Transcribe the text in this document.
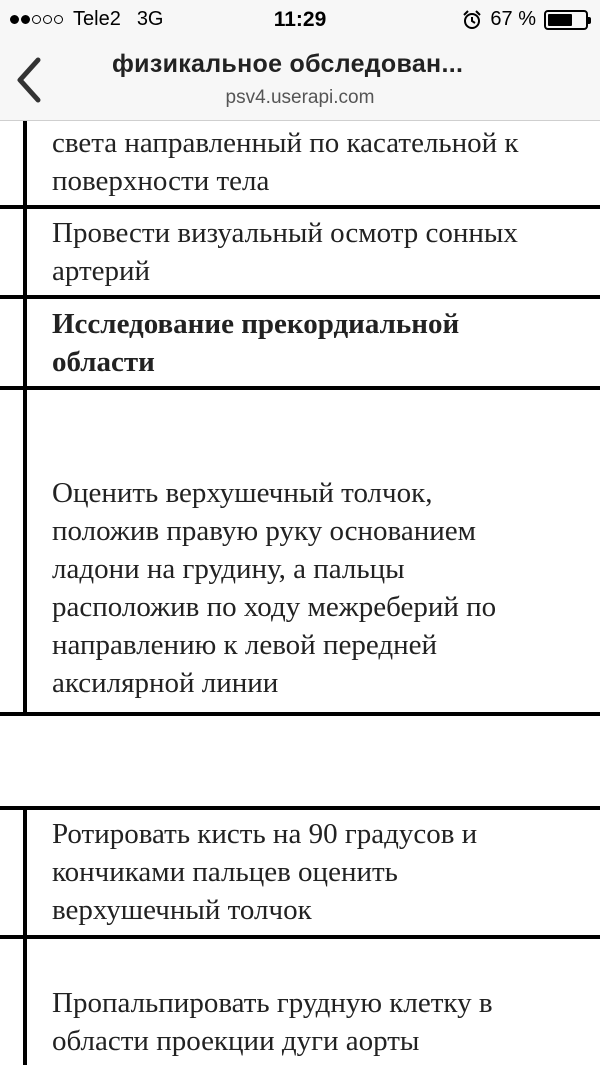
Tele2 3G	11:29	67 %
физикальное обследован...
psv4.userapi.com
света направленный по касательной к
поверхности тела
Провести визуальный осмотр сонных
артерий
Исследование прекордиальной
области
Оценить верхушечный толчок,
положив правую руку основанием
ладони на грудину, а пальцы
расположив по ходу межреберий по
направлению к левой передней
аксилярной линии
Ротировать кисть на 90 градусов и
кончиками пальцев оценить
верхушечный толчок
Пропальпировать грудную клетку в
области проекции дуги аорты
